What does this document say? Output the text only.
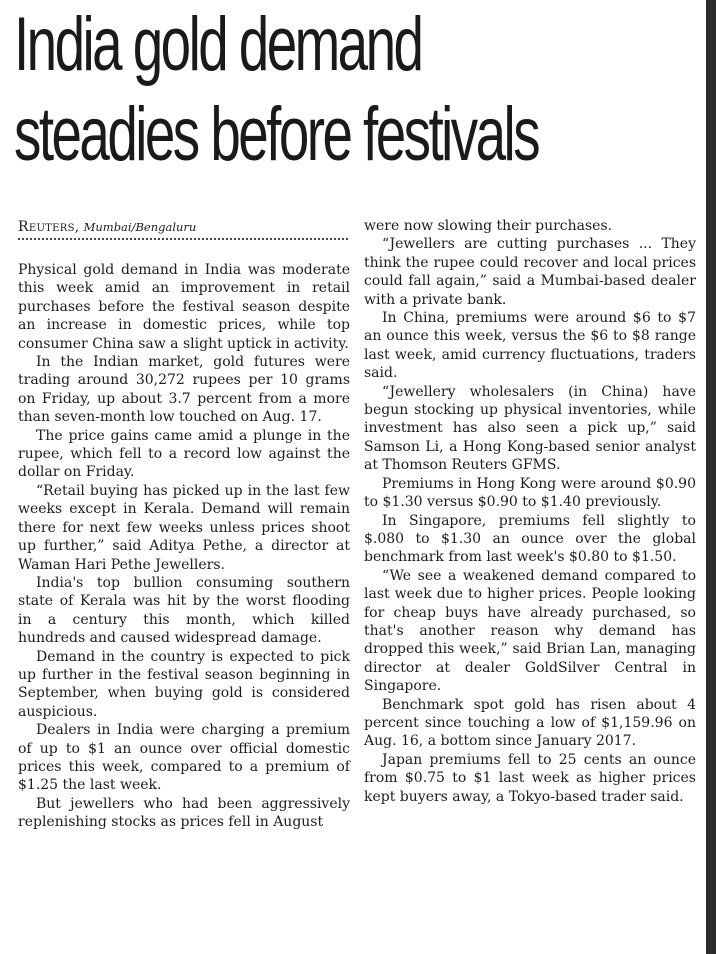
India gold demand
steadies before festivals
Reuters, Mumbai/Bengaluru

Physical gold demand in India was moderate this week amid an improvement in retail purchases before the festival season despite an increase in domestic prices, while top consumer China saw a slight uptick in activity.

In the Indian market, gold futures were trading around 30,272 rupees per 10 grams on Friday, up about 3.7 percent from a more than seven-month low touched on Aug. 17.

The price gains came amid a plunge in the rupee, which fell to a record low against the dollar on Friday.

“Retail buying has picked up in the last few weeks except in Kerala. Demand will remain there for next few weeks unless prices shoot up further,” said Aditya Pethe, a director at Waman Hari Pethe Jewellers.

India's top bullion consuming southern state of Kerala was hit by the worst flooding in a century this month, which killed hundreds and caused widespread damage.

Demand in the country is expected to pick up further in the festival season beginning in September, when buying gold is considered auspicious.

Dealers in India were charging a premium of up to $1 an ounce over official domestic prices this week, compared to a premium of $1.25 the last week.

But jewellers who had been aggressively replenishing stocks as prices fell in August

were now slowing their purchases.

“Jewellers are cutting purchases ... They think the rupee could recover and local prices could fall again,” said a Mumbai-based dealer with a private bank.

In China, premiums were around $6 to $7 an ounce this week, versus the $6 to $8 range last week, amid currency fluctuations, traders said.

“Jewellery wholesalers (in China) have begun stocking up physical inventories, while investment has also seen a pick up,” said Samson Li, a Hong Kong-based senior analyst at Thomson Reuters GFMS.

Premiums in Hong Kong were around $0.90 to $1.30 versus $0.90 to $1.40 previously.

In Singapore, premiums fell slightly to $.080 to $1.30 an ounce over the global benchmark from last week's $0.80 to $1.50.

“We see a weakened demand compared to last week due to higher prices. People looking for cheap buys have already purchased, so that's another reason why demand has dropped this week,” said Brian Lan, managing director at dealer GoldSilver Central in Singapore.

Benchmark spot gold has risen about 4 percent since touching a low of $1,159.96 on Aug. 16, a bottom since January 2017.

Japan premiums fell to 25 cents an ounce from $0.75 to $1 last week as higher prices kept buyers away, a Tokyo-based trader said.
